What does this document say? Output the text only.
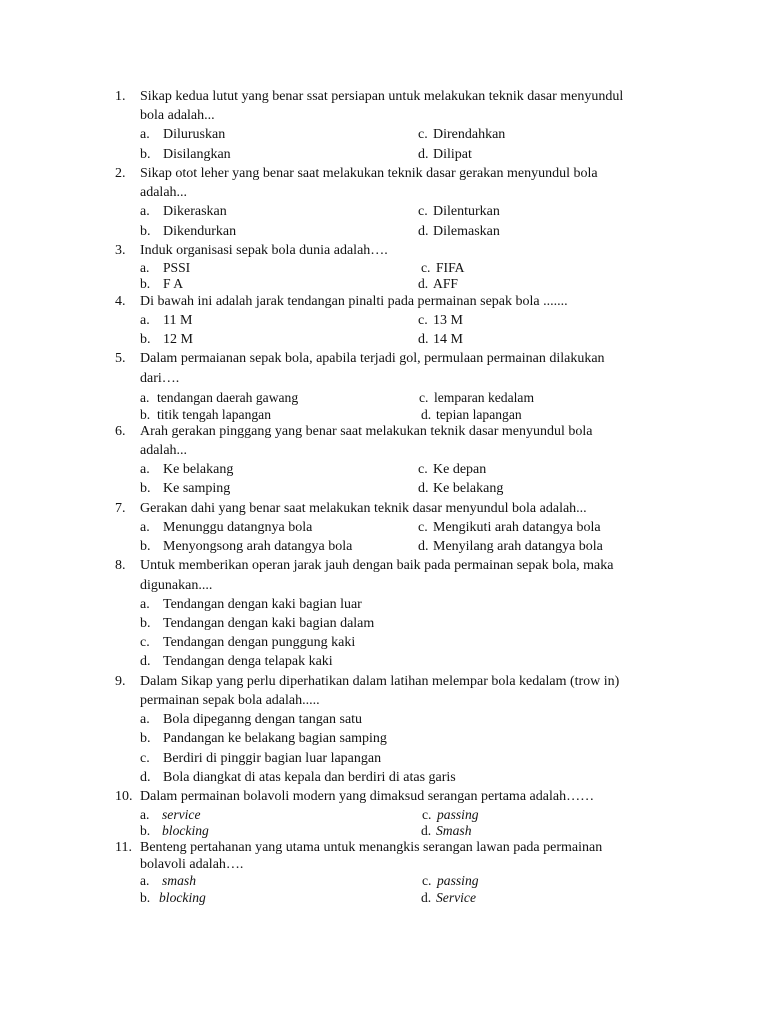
1. Sikap kedua lutut yang benar ssat persiapan untuk melakukan teknik dasar menyundul
bola adalah...
a. Diluruskan	c. Direndahkan
b. Disilangkan	d. Dilipat
2. Sikap otot leher yang benar saat melakukan teknik dasar gerakan menyundul bola
adalah...
a. Dikeraskan	c. Dilenturkan
b. Dikendurkan	d. Dilemaskan
3. Induk organisasi sepak bola dunia adalah….
a. PSSI	c. FIFA
b. F A	d. AFF
4. Di bawah ini adalah jarak tendangan pinalti pada permainan sepak bola .......
a. 11 M	c. 13 M
b. 12 M	d. 14 M
5. Dalam permaianan sepak bola, apabila terjadi gol, permulaan permainan dilakukan
dari….
a. tendangan daerah gawang	c. lemparan kedalam
b. titik tengah lapangan	d. tepian lapangan
6. Arah gerakan pinggang yang benar saat melakukan teknik dasar menyundul bola
adalah...
a. Ke belakang	c. Ke depan
b. Ke samping	d. Ke belakang
7. Gerakan dahi yang benar saat melakukan teknik dasar menyundul bola adalah...
a. Menunggu datangnya bola	c. Mengikuti arah datangya bola
b. Menyongsong arah datangya bola	d. Menyilang arah datangya bola
8. Untuk memberikan operan jarak jauh dengan baik pada permainan sepak bola, maka
digunakan....
a. Tendangan dengan kaki bagian luar
b. Tendangan dengan kaki bagian dalam
c. Tendangan dengan punggung kaki
d. Tendangan denga telapak kaki
9. Dalam Sikap yang perlu diperhatikan dalam latihan melempar bola kedalam (trow in)
permainan sepak bola adalah.....
a. Bola dipeganng dengan tangan satu
b. Pandangan ke belakang bagian samping
c. Berdiri di pinggir bagian luar lapangan
d. Bola diangkat di atas kepala dan berdiri di atas garis
10. Dalam permainan bolavoli modern yang dimaksud serangan pertama adalah……
a. service	c. passing
b. blocking	d. Smash
11. Benteng pertahanan yang utama untuk menangkis serangan lawan pada permainan
bolavoli adalah….
a. smash	c. passing
b. blocking	d. Service
